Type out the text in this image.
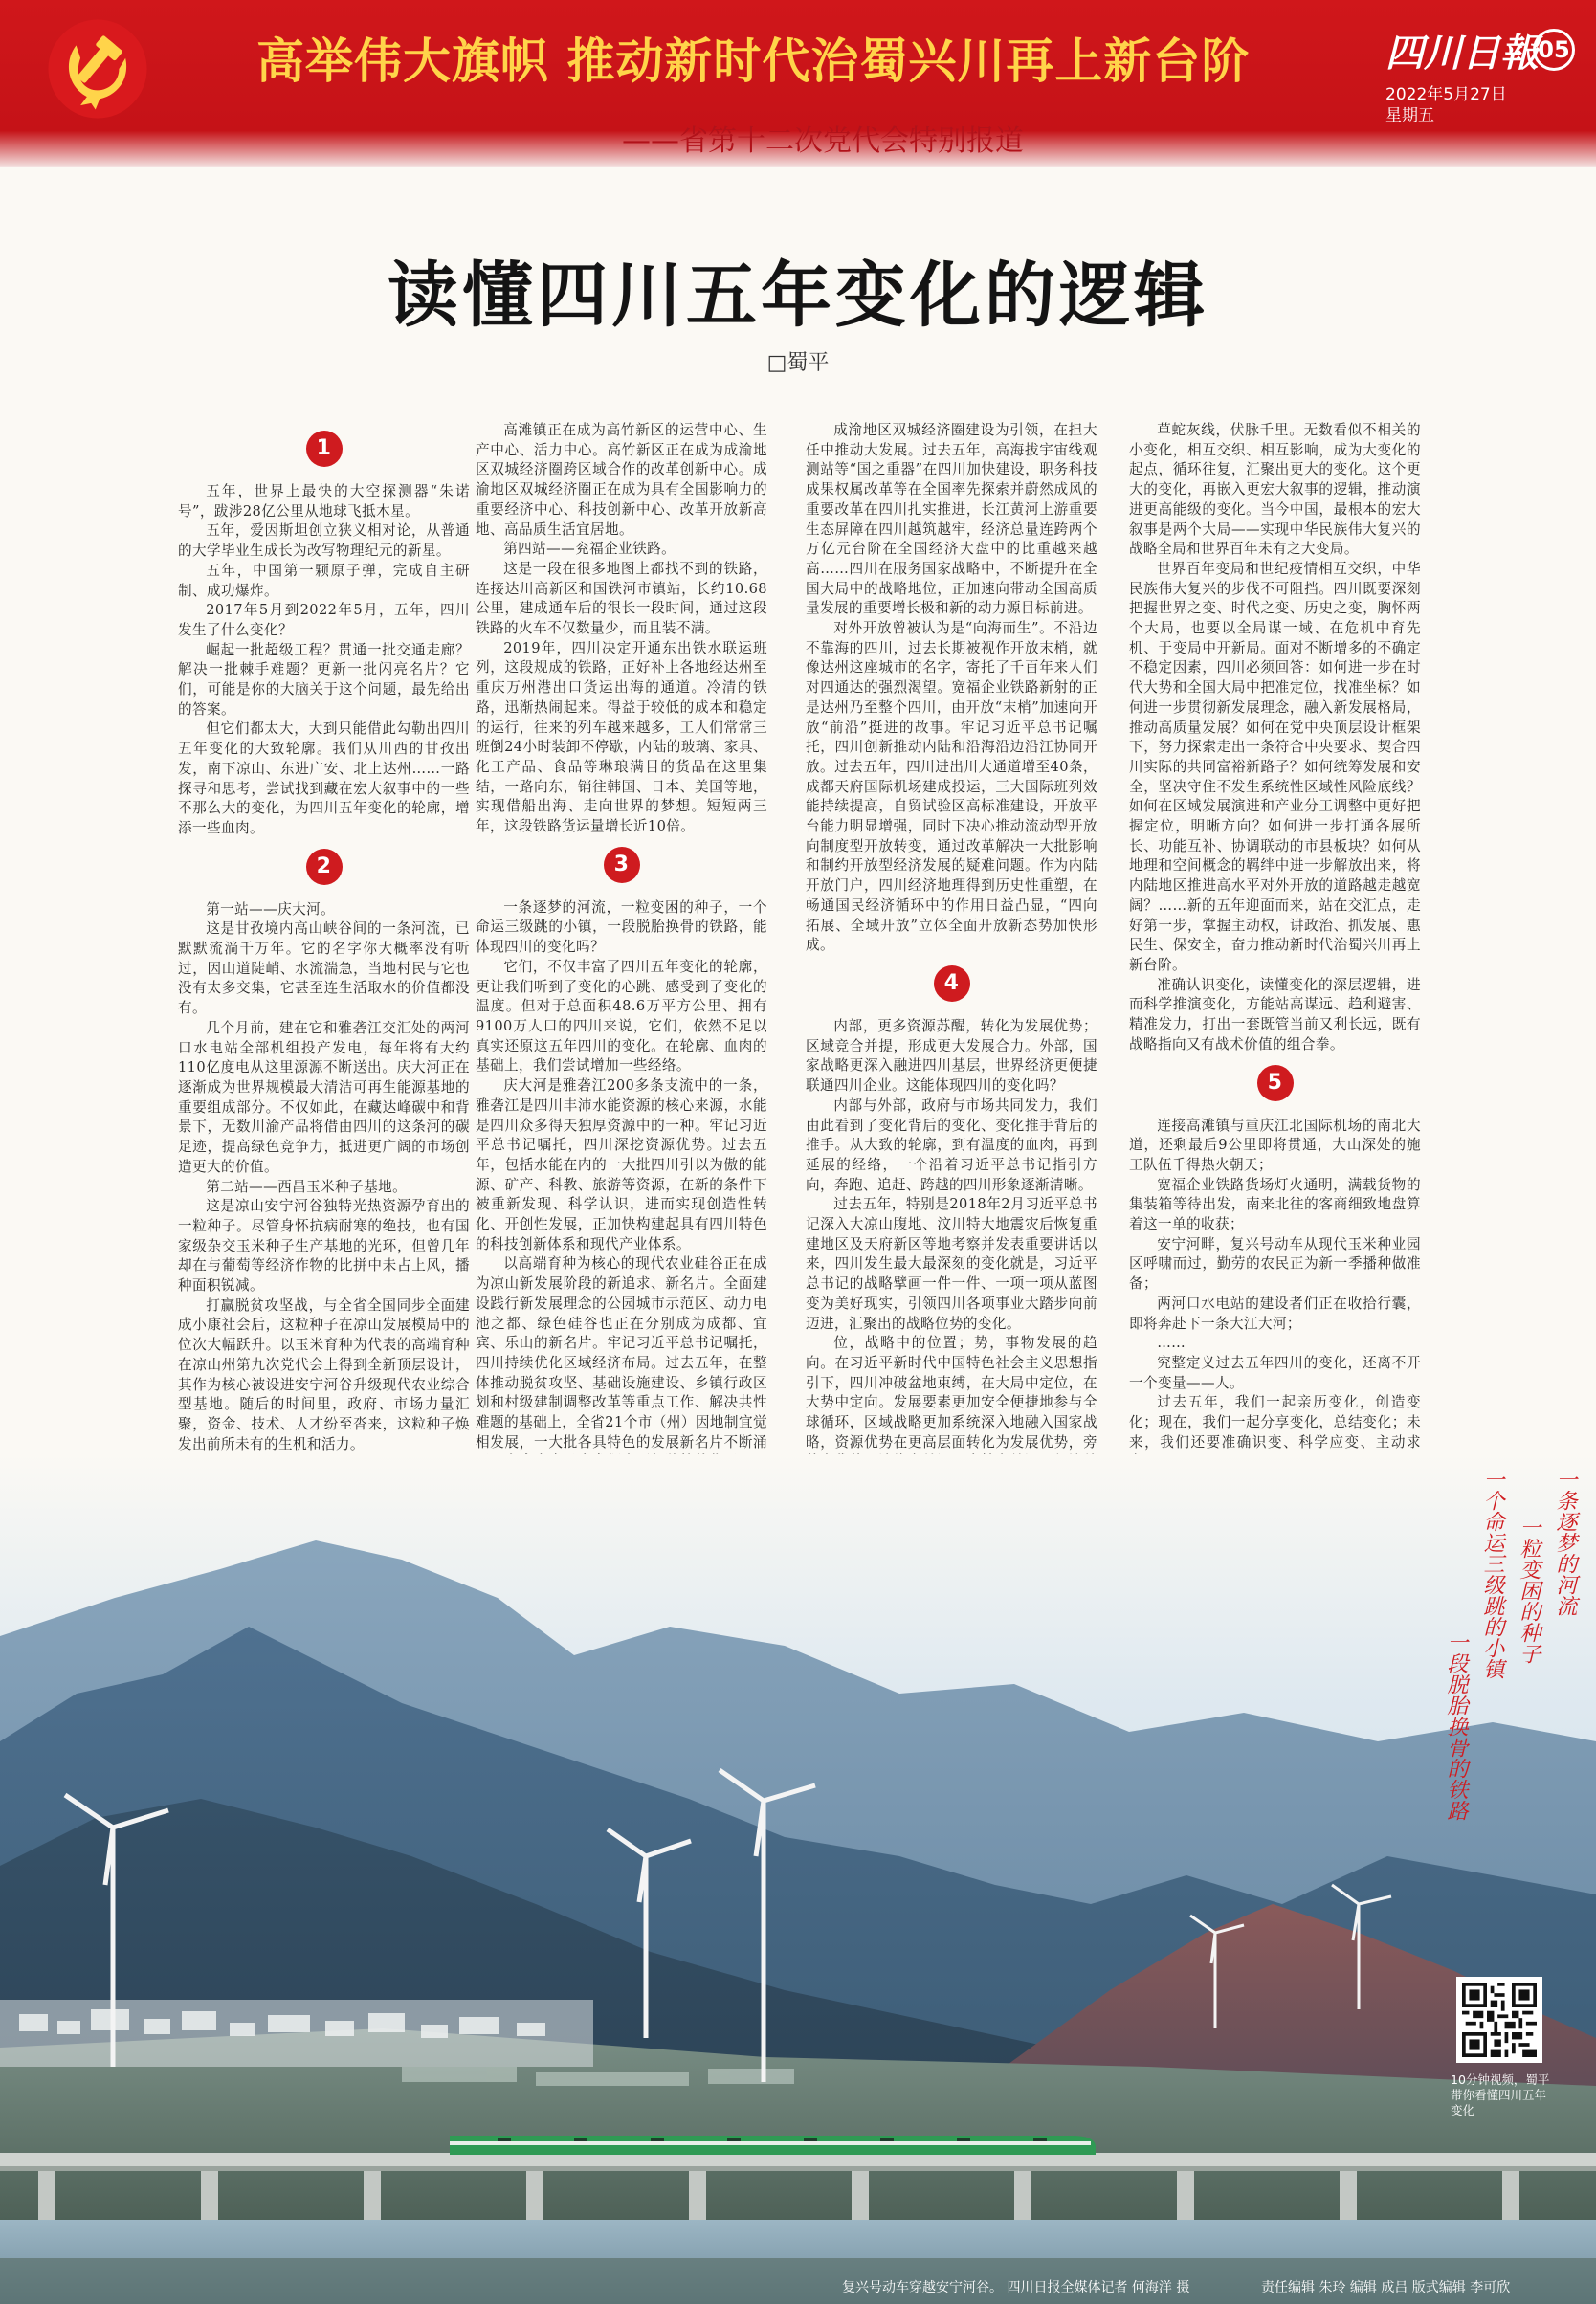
高举伟大旗帜 推动新时代治蜀兴川再上新台阶
——省第十二次党代会特别报道
四川日報 05
2022年5月27日
星期五
读懂四川五年变化的逻辑
□蜀平
1

五年，世界上最快的大空探测器“朱诺号”，跋涉28亿公里从地球飞抵木星。

五年，爱因斯坦创立狭义相对论，从普通的大学毕业生成长为改写物理纪元的新星。

五年，中国第一颗原子弹，完成自主研制、成功爆炸。

2017年5月到2022年5月，五年，四川发生了什么变化？

崛起一批超级工程？贯通一批交通走廊？解决一批棘手难题？更新一批闪亮名片？它们，可能是你的大脑关于这个问题，最先给出的答案。

但它们都太大，大到只能借此勾勒出四川五年变化的大致轮廓。我们从川西的甘孜出发，南下凉山、东进广安、北上达州……一路探寻和思考，尝试找到藏在宏大叙事中的一些不那么大的变化，为四川五年变化的轮廓，增添一些血肉。

2

第一站——庆大河。

这是甘孜境内高山峡谷间的一条河流，已默默流淌千万年。它的名字你大概率没有听过，因山道陡峭、水流湍急，当地村民与它也没有太多交集，它甚至连生活取水的价值都没有。

几个月前，建在它和雅砻江交汇处的两河口水电站全部机组投产发电，每年将有大约110亿度电从这里源源不断送出。庆大河正在逐渐成为世界规模最大清洁可再生能源基地的重要组成部分。不仅如此，在藏达峰碳中和背景下，无数川渝产品将借由四川的这条河的碳足迹，提高绿色竞争力，抵进更广阔的市场创造更大的价值。

第二站——西昌玉米种子基地。

这是凉山安宁河谷独特光热资源孕育出的一粒种子。尽管身怀抗病耐寒的绝技，也有国家级杂交玉米种子生产基地的光环，但曾几年却在与葡萄等经济作物的比拼中未占上风，播种面积锐减。

打赢脱贫攻坚战，与全省全国同步全面建成小康社会后，这粒种子在凉山发展模局中的位次大幅跃升。以玉米育种为代表的高端育种在凉山州第九次党代会上得到全新顶层设计，其作为核心被设进安宁河谷升级现代农业综合型基地。随后的时间里，政府、市场力量汇聚，资金、技术、人才纷至沓来，这粒种子焕发出前所未有的生机和活力。

高滩镇正在成为高竹新区的运营中心、生产中心、活力中心。高竹新区正在成为成渝地区双城经济圈跨区域合作的改革创新中心。成渝地区双城经济圈正在成为具有全国影响力的重要经济中心、科技创新中心、改革开放新高地、高品质生活宜居地。

第四站——兖福企业铁路。

这是一段在很多地图上都找不到的铁路，连接达川高新区和国铁河市镇站，长约10.68公里，建成通车后的很长一段时间，通过这段铁路的火车不仅数量少，而且装不满。

2019年，四川决定开通东出铁水联运班列，这段规成的铁路，正好补上各地经达州至重庆万州港出口货运出海的通道。冷清的铁路，迅渐热闹起来。得益于较低的成本和稳定的运行，往来的列车越来越多，工人们常常三班倒24小时装卸不停歇，内陆的玻璃、家具、化工产品、食品等琳琅满目的货品在这里集结，一路向东，销往韩国、日本、美国等地，实现借船出海、走向世界的梦想。短短两三年，这段铁路货运量增长近10倍。

3

一条逐梦的河流，一粒变困的种子，一个命运三级跳的小镇，一段脱胎换骨的铁路，能体现四川的变化吗？

它们，不仅丰富了四川五年变化的轮廓，更让我们听到了变化的心跳、感受到了变化的温度。但对于总面积48.6万平方公里、拥有9100万人口的四川来说，它们，依然不足以真实还原这五年四川的变化。在轮廓、血肉的基础上，我们尝试增加一些经络。

庆大河是雅砻江200多条支流中的一条，雅砻江是四川丰沛水能资源的核心来源，水能是四川众多得天独厚资源中的一种。牢记习近平总书记嘱托，四川深挖资源优势。过去五年，包括水能在内的一大批四川引以为傲的能源、矿产、科教、旅游等资源，在新的条件下被重新发现、科学认识，进而实现创造性转化、开创性发展，正加快构建起具有四川特色的科技创新体系和现代产业体系。

以高端育种为核心的现代农业硅谷正在成为凉山新发展阶段的新追求、新名片。全面建设践行新发展理念的公园城市示范区、动力电池之都、绿色硅谷也正在分别成为成都、宜宾、乐山的新名片。牢记习近平总书记嘱托，四川持续优化区域经济布局。过去五年，在整体推动脱贫攻坚、基础设施建设、乡镇行政区划和村级建制调整改革等重点工作、解决共性难题的基础上，全省21个市（州）因地制宜觉相发展，一大批各具特色的发展新名片不断涌

成渝地区双城经济圈建设为引领，在担大任中推动大发展。过去五年，高海拔宇宙线观测站等“国之重器”在四川加快建设，职务科技成果权属改革等在全国率先探索并蔚然成风的重要改革在四川扎实推进，长江黄河上游重要生态屏障在四川越筑越牢，经济总量连跨两个万亿元台阶在全国经济大盘中的比重越来越高……四川在服务国家战略中，不断提升在全国大局中的战略地位，正加速向带动全国高质量发展的重要增长极和新的动力源目标前进。

对外开放曾被认为是“向海而生”。不沿边不靠海的四川，过去长期被视作开放末梢，就像达州这座城市的名字，寄托了千百年来人们对四通达的强烈渴望。宽福企业铁路新射的正是达州乃至整个四川，由开放“末梢”加速向开放“前沿”挺进的故事。牢记习近平总书记嘱托，四川创新推动内陆和沿海沿边沿江协同开放。过去五年，四川进出川大通道增至40条，成都天府国际机场建成投运，三大国际班列效能持续提高，自贸试验区高标准建设，开放平台能力明显增强，同时下决心推动流动型开放向制度型开放转变，通过改革解决一大批影响和制约开放型经济发展的疑难问题。作为内陆开放门户，四川经济地理得到历史性重塑，在畅通国民经济循环中的作用日益凸显，“四向拓展、全域开放”立体全面开放新态势加快形成。

4

内部，更多资源苏醒，转化为发展优势；区域竞合并提，形成更大发展合力。外部，国家战略更深入融进四川基层，世界经济更便捷联通四川企业。这能体现四川的变化吗？

内部与外部，政府与市场共同发力，我们由此看到了变化背后的变化、变化推手背后的推手。从大致的轮廓，到有温度的血肉，再到延展的经络，一个沿着习近平总书记指引方向，奔跑、追赶、跨越的四川形象逐渐清晰。

过去五年，特别是2018年2月习近平总书记深入大凉山腹地、汶川特大地震灾后恢复重建地区及天府新区等地考察并发表重要讲话以来，四川发生最大最深刻的变化就是，习近平总书记的战略擘画一件一件、一项一项从蓝图变为美好现实，引领四川各项事业大踏步向前迈进，汇聚出的战略位势的变化。

位，战略中的位置；势，事物发展的趋向。在习近平新时代中国特色社会主义思想指引下，四川冲破盆地束缚，在大局中定位，在大势中定向。发展要素更加安全便捷地参与全球循环，区域战略更加系统深入地融入国家战略，资源优势在更高层面转化为发展优势，旁

草蛇灰线，伏脉千里。无数看似不相关的小变化，相互交织、相互影响，成为大变化的起点，循环往复，汇聚出更大的变化。这个更大的变化，再嵌入更宏大叙事的逻辑，推动演进更高能级的变化。当今中国，最根本的宏大叙事是两个大局——实现中华民族伟大复兴的战略全局和世界百年未有之大变局。

世界百年变局和世纪疫情相互交织，中华民族伟大复兴的步伐不可阻挡。四川既要深刻把握世界之变、时代之变、历史之变，胸怀两个大局，也要以全局谋一域、在危机中育先机、于变局中开新局。面对不断增多的不确定不稳定因素，四川必须回答：如何进一步在时代大势和全国大局中把准定位，找准坐标？如何进一步贯彻新发展理念，融入新发展格局，推动高质量发展？如何在党中央顶层设计框架下，努力探索走出一条符合中央要求、契合四川实际的共同富裕新路子？如何统筹发展和安全，坚决守住不发生系统性区域性风险底线？如何在区域发展演进和产业分工调整中更好把握定位，明晰方向？如何进一步打通各展所长、功能互补、协调联动的市县板块？如何从地理和空间概念的羁绊中进一步解放出来，将内陆地区推进高水平对外开放的道路越走越宽阔？……新的五年迎面而来，站在交汇点，走好第一步，掌握主动权，讲政治、抓发展、惠民生、保安全，奋力推动新时代治蜀兴川再上新台阶。

准确认识变化，读懂变化的深层逻辑，进而科学推演变化，方能站高谋远、趋利避害、精准发力，打出一套既管当前又利长远，既有战略指向又有战术价值的组合拳。

5

连接高滩镇与重庆江北国际机场的南北大道，还剩最后9公里即将贯通，大山深处的施工队伍千得热火朝天；

宽福企业铁路货场灯火通明，满载货物的集装箱等待出发，南来北往的客商细致地盘算着这一单的收获；

安宁河畔，复兴号动车从现代玉米种业园区呼啸而过，勤劳的农民正为新一季播种做准备；

两河口水电站的建设者们正在收拾行囊，即将奔赴下一条大江大河；

……

究整定义过去五年四川的变化，还离不开一个变量——人。

过去五年，我们一起亲历变化，创造变化；现在，我们一起分享变化，总结变化；未来，我们还要准确识变、科学应变、主动求

一条逐梦的河流
一粒变困的种子
一个命运三级跳的小镇
一段脱胎换骨的铁路
10分钟视频，蜀平带你看懂四川五年变化
复兴号动车穿越安宁河谷。 四川日报全媒体记者 何海洋 摄	责任编辑 朱玲 编辑 成吕 版式编辑 李可欣
